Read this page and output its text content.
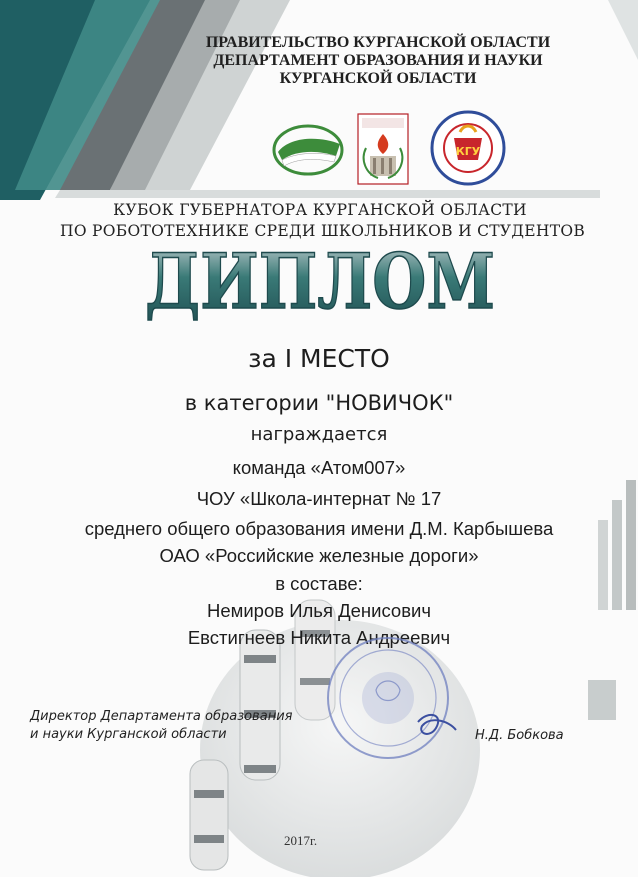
ПРАВИТЕЛЬСТВО КУРГАНСКОЙ ОБЛАСТИ
ДЕПАРТАМЕНТ ОБРАЗОВАНИЯ И НАУКИ
КУРГАНСКОЙ ОБЛАСТИ
КГУ
КУБОК ГУБЕРНАТОРА КУРГАНСКОЙ ОБЛАСТИ
ПО РОБОТОТЕХНИКЕ СРЕДИ ШКОЛЬНИКОВ И СТУДЕНТОВ
ДИПЛОМ
за I МЕСТО
в категории "НОВИЧОК"
награждается
команда «Атом007»
ЧОУ «Школа-интернат № 17
среднего общего образования имени Д.М. Карбышева
ОАО «Российские железные дороги»
в составе:
Немиров Илья Денисович
Евстигнеев Никита Андреевич
Директор Департамента образования
и науки Курганской области	Н.Д. Бобкова
2017г.
